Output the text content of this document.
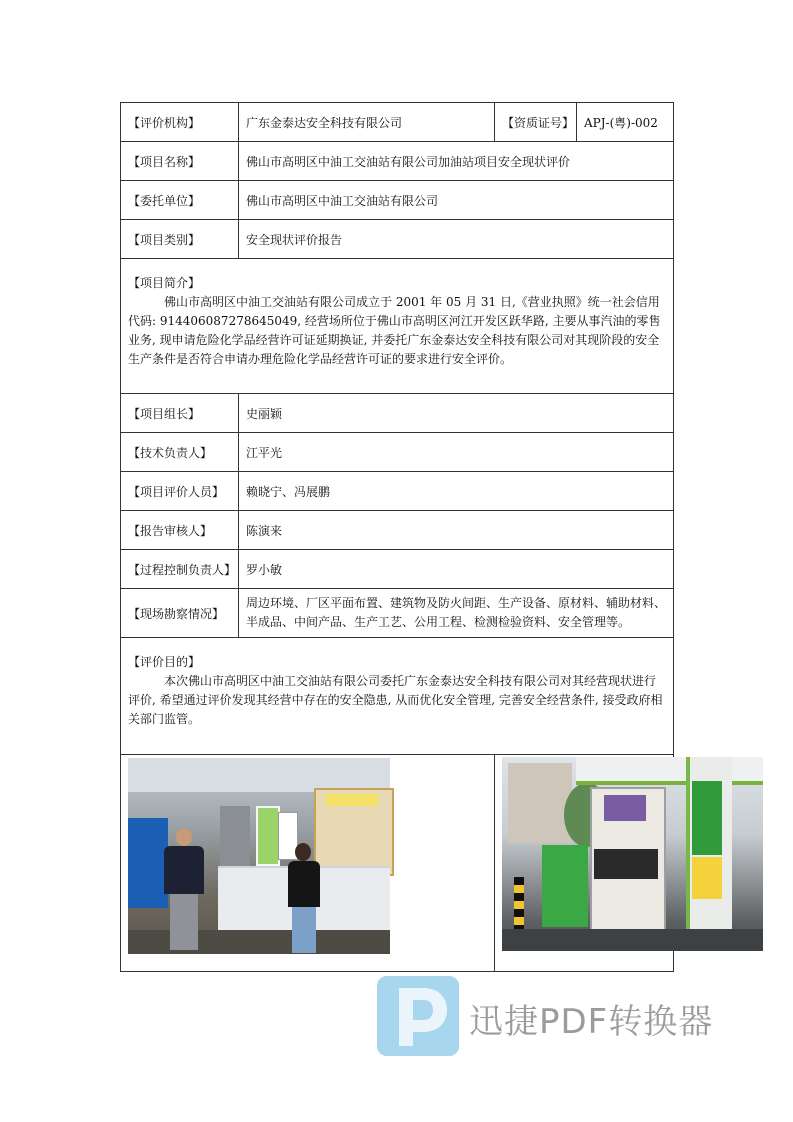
【评价机构】	广东金泰达安全科技有限公司	【资质证号】	APJ-(粤)-002
【项目名称】	佛山市高明区中油工交油站有限公司加油站项目安全现状评价		
【委托单位】	佛山市高明区中油工交油站有限公司		
【项目类别】	安全现状评价报告		

【项目简介】
佛山市高明区中油工交油站有限公司成立于 2001 年 05 月 31 日,《营业执照》统一社会信用代码: 914406087278645049, 经营场所位于佛山市高明区河江开发区跃华路, 主要从事汽油的零售业务, 现申请危险化学品经营许可证延期换证, 并委托广东金泰达安全科技有限公司对其现阶段的安全生产条件是否符合申请办理危险化学品经营许可证的要求进行安全评价。			

【项目组长】	史丽颖		
【技术负责人】	江平光		
【项目评价人员】	赖晓宁、冯展鹏		
【报告审核人】	陈演来		
【过程控制负责人】	罗小敏		
【现场勘察情况】	周边环境、厂区平面布置、建筑物及防火间距、生产设备、原材料、辅助材料、半成品、中间产品、生产工艺、公用工程、检测检验资料、安全管理等。		

【评价目的】
本次佛山市高明区中油工交油站有限公司委托广东金泰达安全科技有限公司对其经营现状进行评价, 希望通过评价发现其经营中存在的安全隐患, 从而优化安全管理, 完善安全经营条件, 接受政府相关部门监管。			

迅捷PDF转换器
